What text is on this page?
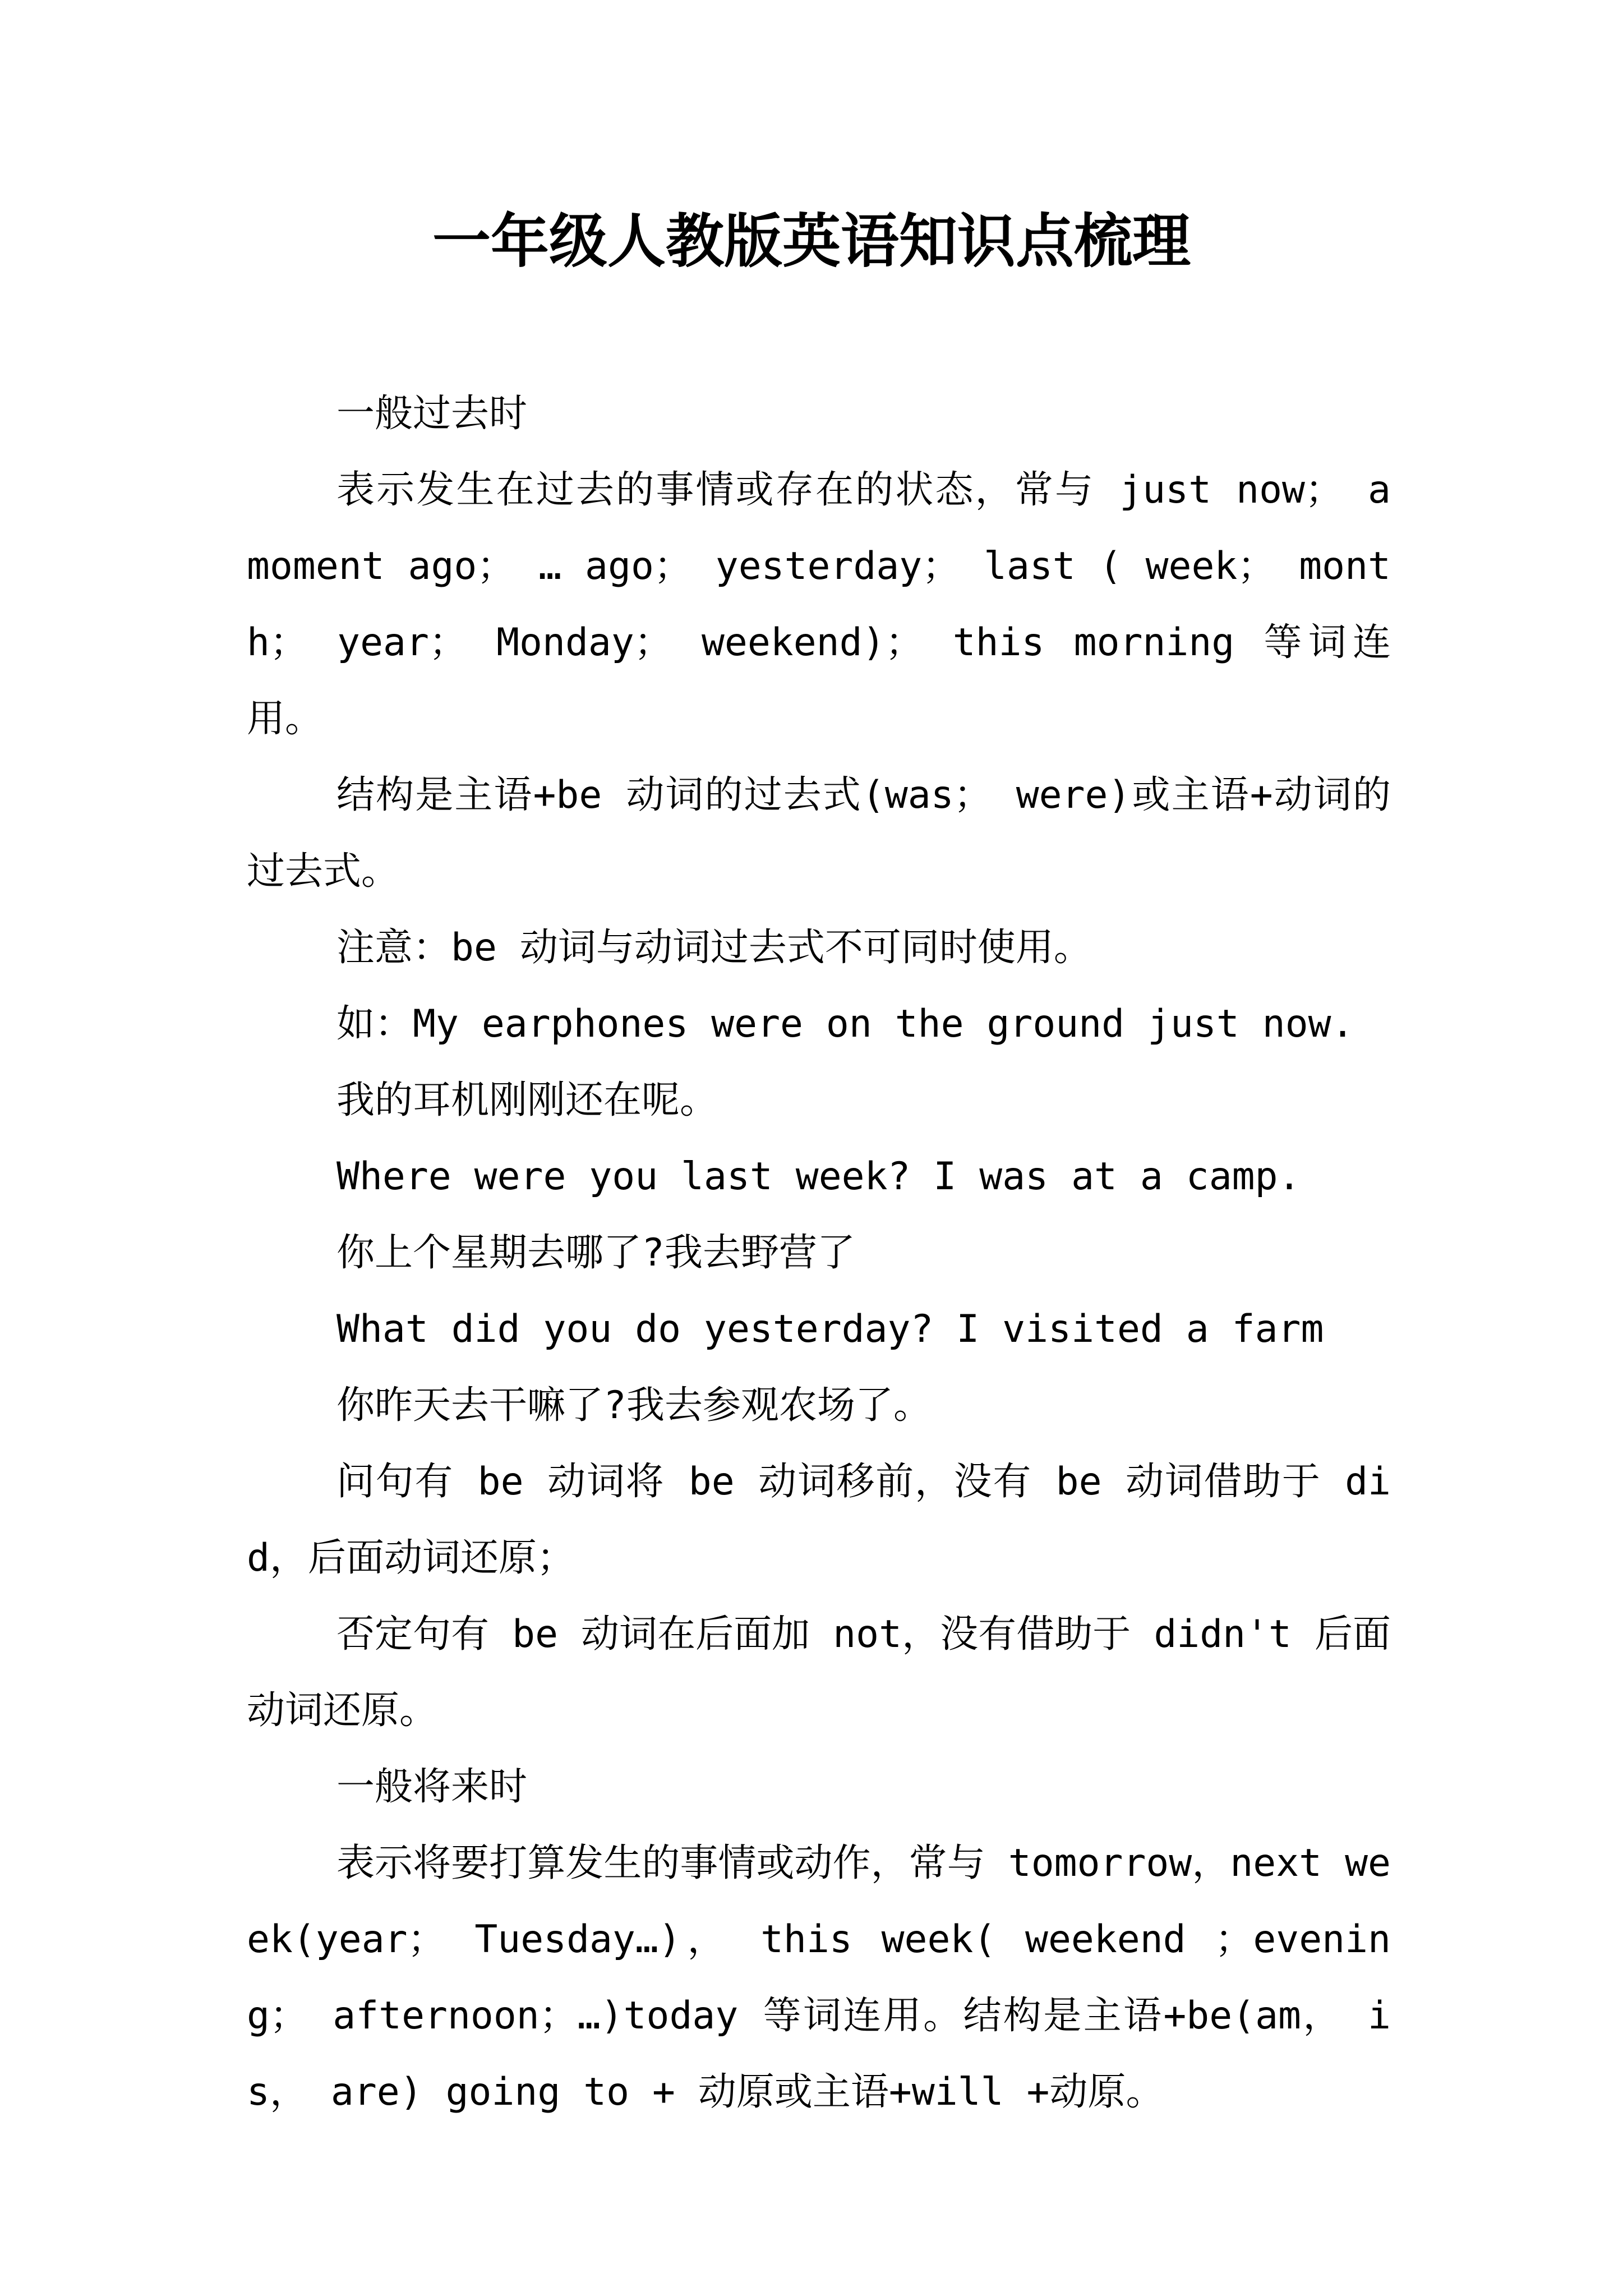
一年级人教版英语知识点梳理

一般过去时

表示发生在过去的事情或存在的状态，常与 just now； a moment ago； … ago； yesterday； last ( week； month； year； Monday； weekend)； this morning 等词连用。

结构是主语+be 动词的过去式(was； were)或主语+动词的过去式。

注意：be 动词与动词过去式不可同时使用。

如：My earphones were on the ground just now.

我的耳机刚刚还在呢。

Where were you last week? I was at a camp.

你上个星期去哪了?我去野营了

What did you do yesterday? I visited a farm

你昨天去干嘛了?我去参观农场了。

问句有 be 动词将 be 动词移前，没有 be 动词借助于 did，后面动词还原；

否定句有 be 动词在后面加 not，没有借助于 didn't 后面动词还原。

一般将来时

表示将要打算发生的事情或动作，常与 tomorrow，next week(year； Tuesday…)， this week( weekend ；evening； afternoon；…)today 等词连用。结构是主语+be(am， is， are) going to + 动原或主语+will +动原。
